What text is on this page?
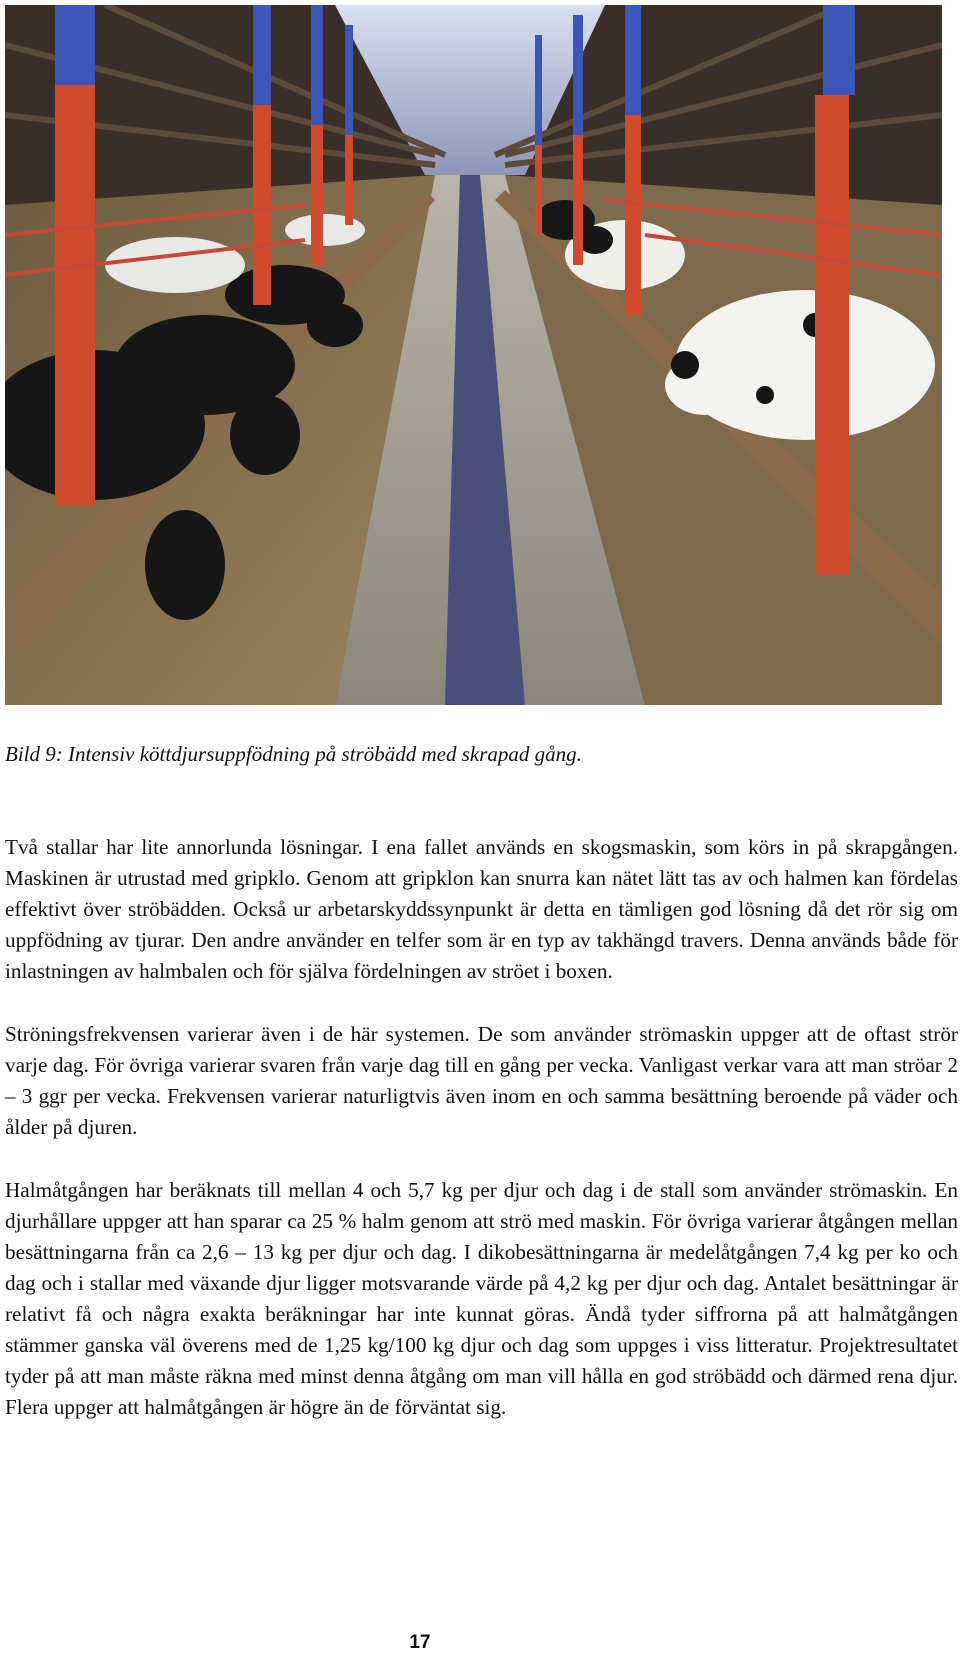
Bild 9: Intensiv köttdjursuppfödning på ströbädd med skrapad gång.

Två stallar har lite annorlunda lösningar. I ena fallet används en skogsmaskin, som körs in på skrapgången. Maskinen är utrustad med gripklo. Genom att gripklon kan snurra kan nätet lätt tas av och halmen kan fördelas effektivt över ströbädden. Också ur arbetarskyddssynpunkt är detta en tämligen god lösning då det rör sig om uppfödning av tjurar. Den andre använder en telfer som är en typ av takhängd travers. Denna används både för inlastningen av halmbalen och för själva fördelningen av ströet i boxen.

Ströningsfrekvensen varierar även i de här systemen. De som använder strömaskin uppger att de oftast strör varje dag. För övriga varierar svaren från varje dag till en gång per vecka. Vanligast verkar vara att man ströar 2 – 3 ggr per vecka. Frekvensen varierar naturligtvis även inom en och samma besättning beroende på väder och ålder på djuren.

Halmåtgången har beräknats till mellan 4 och 5,7 kg per djur och dag i de stall som använder strömaskin. En djurhållare uppger att han sparar ca 25 % halm genom att strö med maskin. För övriga varierar åtgången mellan besättningarna från ca 2,6 – 13 kg per djur och dag. I dikobesättningarna är medelåtgången 7,4 kg per ko och dag och i stallar med växande djur ligger motsvarande värde på 4,2 kg per djur och dag. Antalet besättningar är relativt få och några exakta beräkningar har inte kunnat göras. Ändå tyder siffrorna på att halmåtgången stämmer ganska väl överens med de 1,25 kg/100 kg djur och dag som uppges i viss litteratur. Projektresultatet tyder på att man måste räkna med minst denna åtgång om man vill hålla en god ströbädd och därmed rena djur. Flera uppger att halmåtgången är högre än de förväntat sig.

17
